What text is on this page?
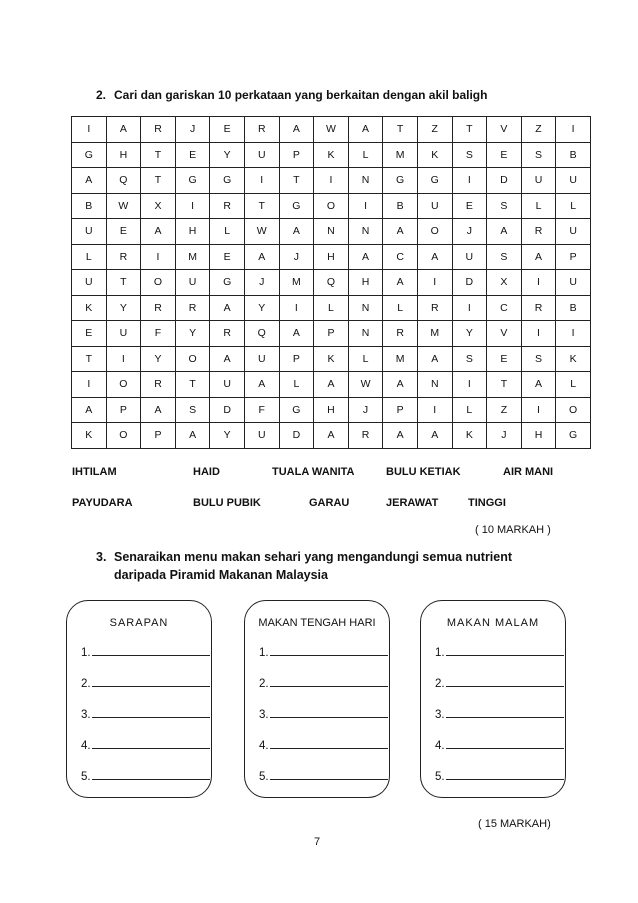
2. Cari dan gariskan 10 perkataan yang berkaitan dengan akil baligh
I	A	R	J	E	R	A	W	A	T	Z	T	V	Z	I
G	H	T	E	Y	U	P	K	L	M	K	S	E	S	B
A	Q	T	G	G	I	T	I	N	G	G	I	D	U	U
B	W	X	I	R	T	G	O	I	B	U	E	S	L	L
U	E	A	H	L	W	A	N	N	A	O	J	A	R	U
L	R	I	M	E	A	J	H	A	C	A	U	S	A	P
U	T	O	U	G	J	M	Q	H	A	I	D	X	I	U
K	Y	R	R	A	Y	I	L	N	L	R	I	C	R	B
E	U	F	Y	R	Q	A	P	N	R	M	Y	V	I	I
T	I	Y	O	A	U	P	K	L	M	A	S	E	S	K
I	O	R	T	U	A	L	A	W	A	N	I	T	A	L
A	P	A	S	D	F	G	H	J	P	I	L	Z	I	O
K	O	P	A	Y	U	D	A	R	A	A	K	J	H	G
IHTILAM	HAID	TUALA WANITA	BULU KETIAK	AIR MANI
PAYUDARA	BULU PUBIK	GARAU	JERAWAT	TINGGI
( 10 MARKAH )
3. Senaraikan menu makan sehari yang mengandungi semua nutrient
daripada Piramid Makanan Malaysia
SARAPAN
1.
2.
3.
4.
5.
MAKAN TENGAH HARI
1.
2.
3.
4.
5.
MAKAN MALAM
1.
2.
3.
4.
5.
( 15 MARKAH)
7
